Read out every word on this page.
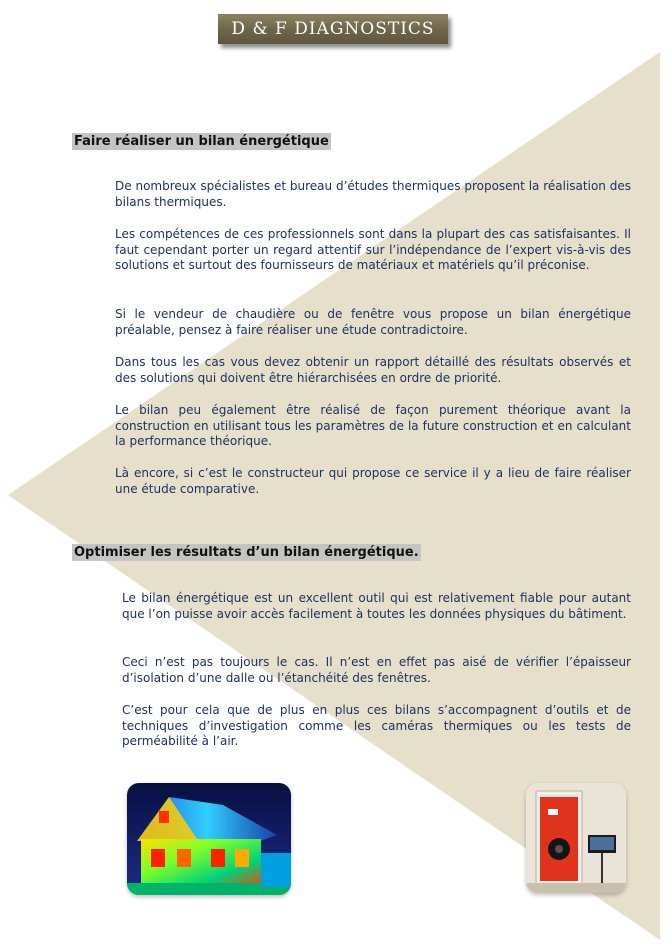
D & F DIAGNOSTICS
Faire réaliser un bilan énergétique

De nombreux spécialistes et bureau d’études thermiques proposent la réalisation des bilans thermiques.

Les compétences de ces professionnels sont dans la plupart des cas satisfaisantes. Il faut cependant porter un regard attentif sur l’indépendance de l’expert vis-à-vis des solutions et surtout des fournisseurs de matériaux et matériels qu’il préconise.

Si le vendeur de chaudière ou de fenêtre vous propose un bilan énergétique préalable, pensez à faire réaliser une étude contradictoire.

Dans tous les cas vous devez obtenir un rapport détaillé des résultats observés et des solutions qui doivent être hiérarchisées en ordre de priorité.

Le bilan peu également être réalisé de façon purement théorique avant la construction en utilisant tous les paramètres de la future construction et en calculant la performance théorique.

Là encore, si c’est le constructeur qui propose ce service il y a lieu de faire réaliser une étude comparative.

Optimiser les résultats d’un bilan énergétique.

Le bilan énergétique est un excellent outil qui est relativement fiable pour autant que l’on puisse avoir accès facilement à toutes les données physiques du bâtiment.

Ceci n’est pas toujours le cas. Il n’est en effet pas aisé de vérifier l’épaisseur d’isolation d’une dalle ou l’étanchéité des fenêtres.

C’est pour cela que de plus en plus ces bilans s’accompagnent d’outils et de techniques d’investigation comme les caméras thermiques ou les tests de perméabilité à l’air.
